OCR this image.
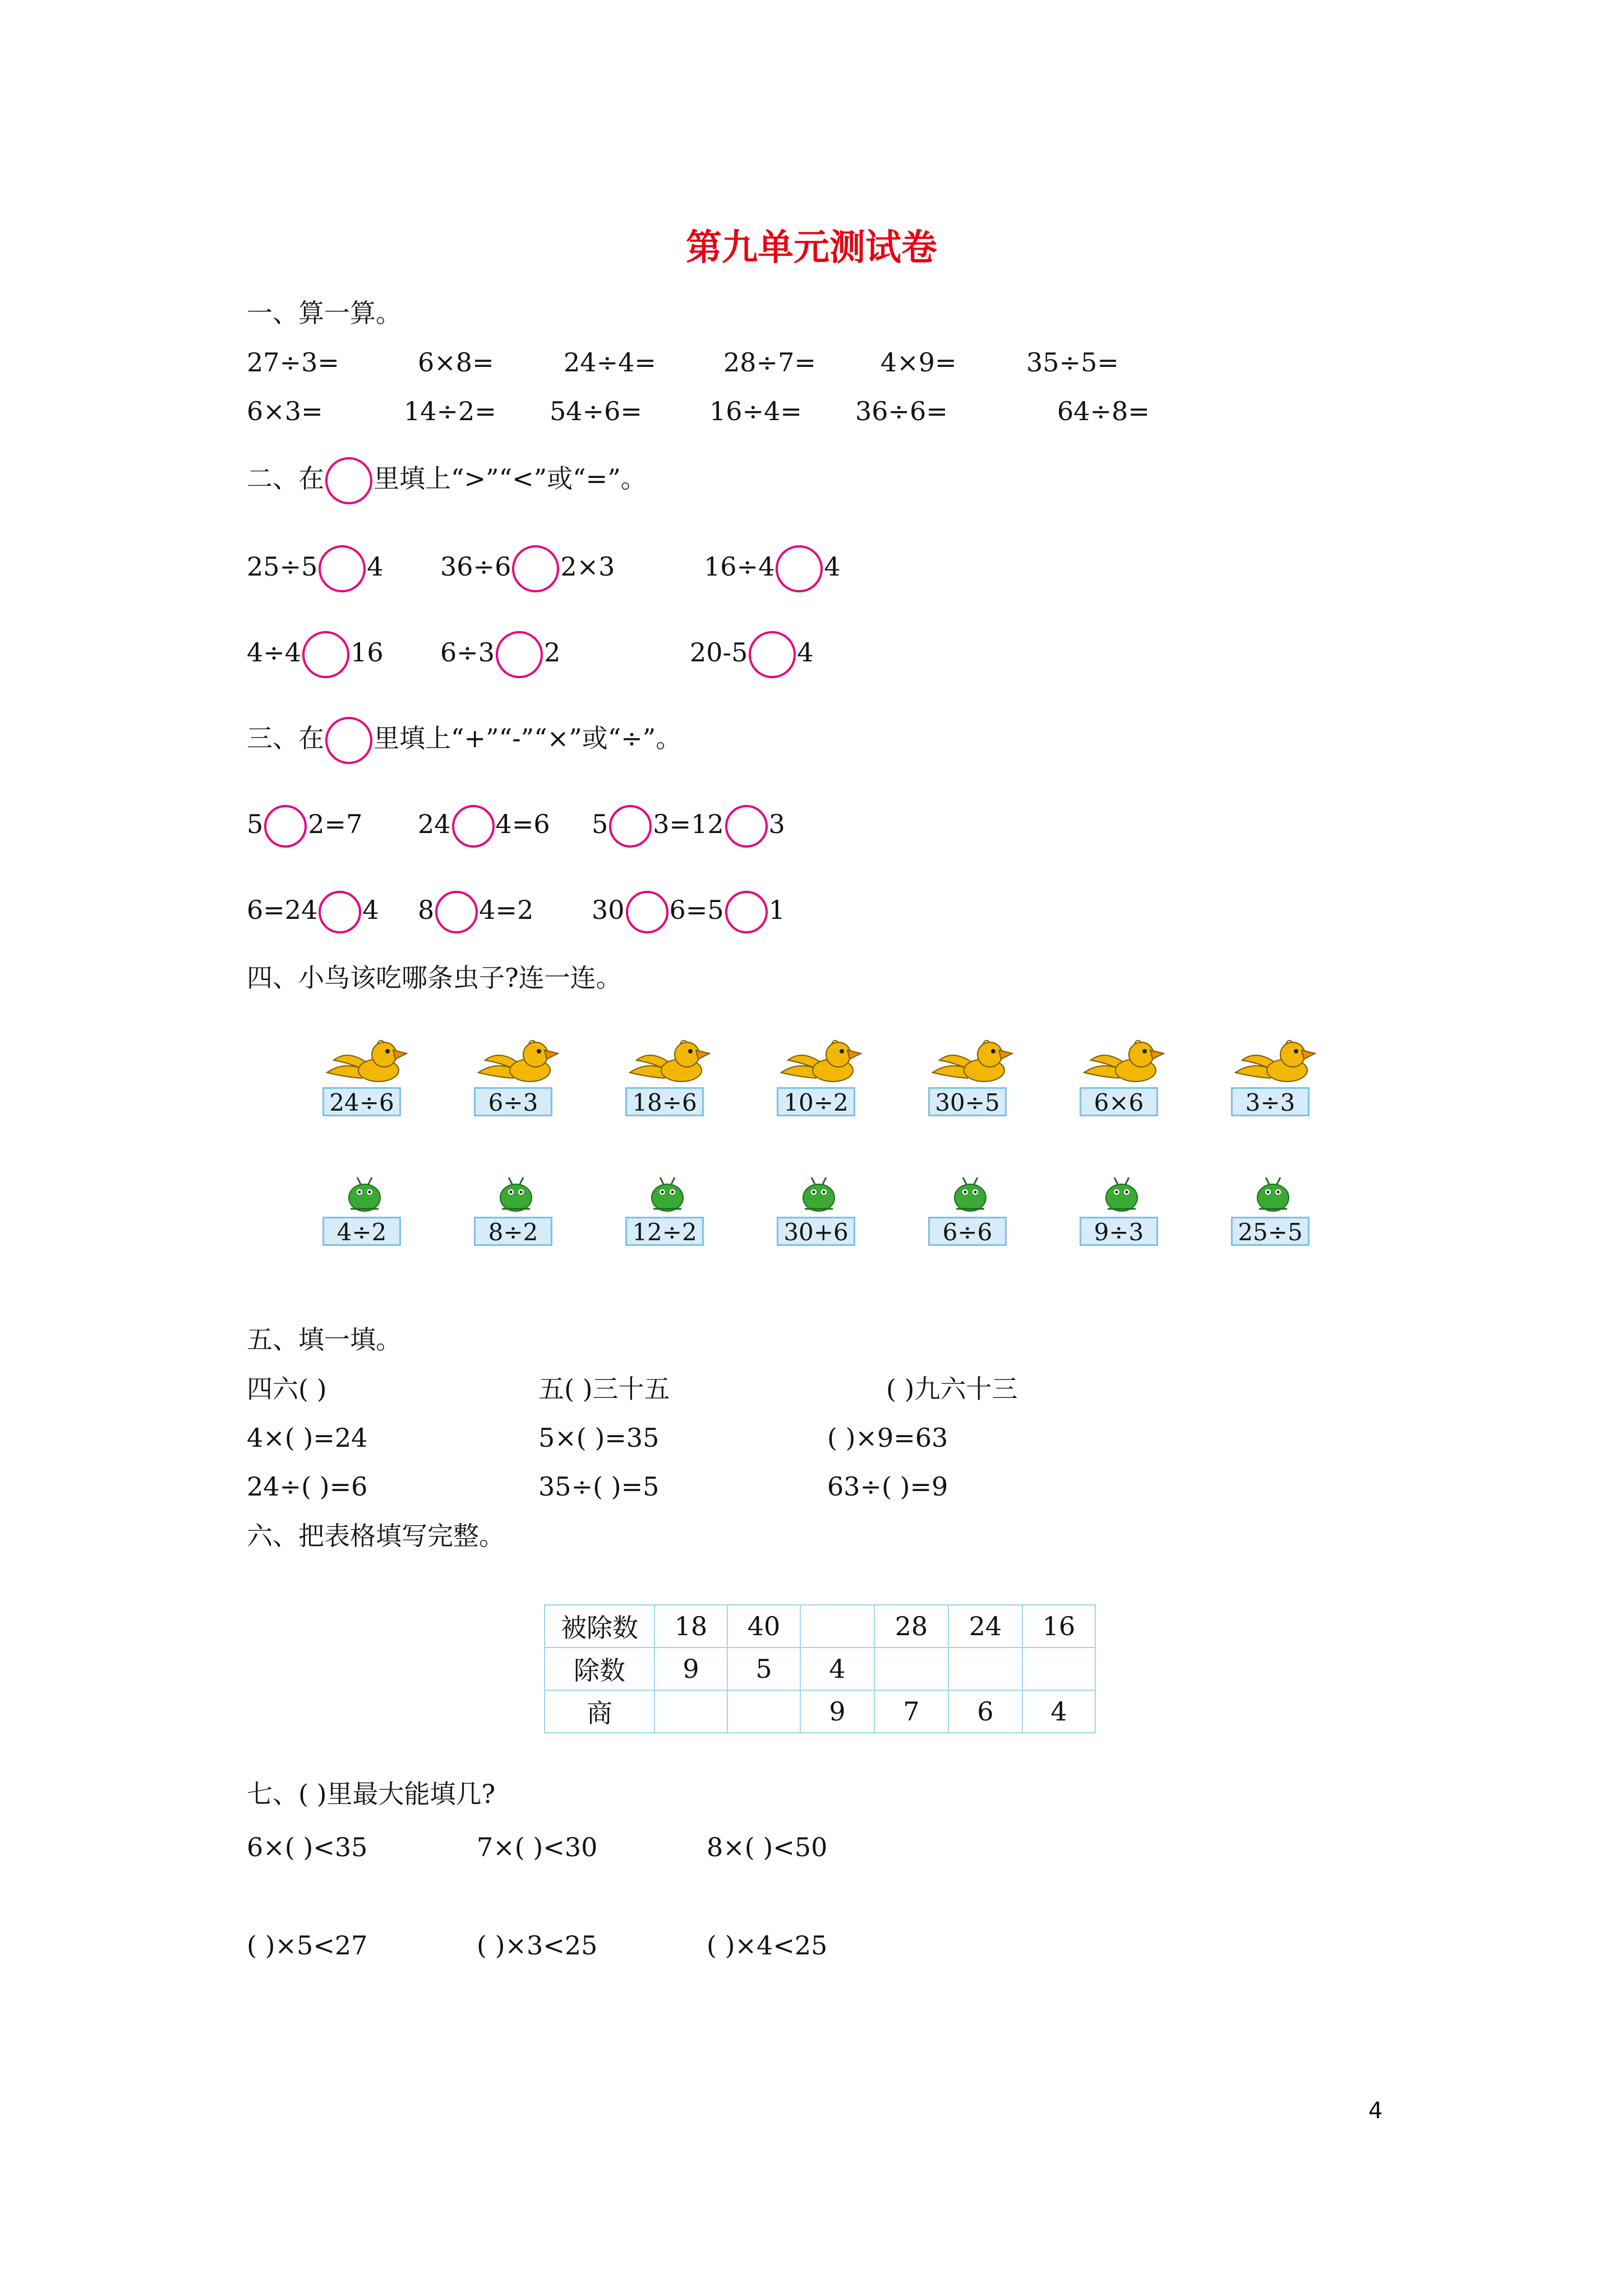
第九单元测试卷
一、算一算。
27÷3=	6×8=	24÷4=	28÷7=	4×9=	35÷5=
6×3=	14÷2= 54÷6=	16÷4= 36÷6=	64÷8=
二、在 里填上“>”“<”或“=”。
25÷5 4 36÷6 2×3	16÷4 4
4÷4 16 6÷3 2	20-5 4
三、在 里填上“+”“-”“×”或“÷”。
5 2=7 24 4=6 5 3=12 3
6=24 4 8 4=2 30 6=5 1
四、小鸟该吃哪条虫子?连一连。
24÷6	6÷3	18÷6	10÷2	30÷5	6×6	3÷3
4÷2	8÷2	12÷2	30+6	6÷6	9÷3	25÷5
五、填一填。
四六( )	五( )三十五	( )九六十三
4×( )=24	5×( )=35	( )×9=63
24÷( )=6	35÷( )=5	63÷( )=9
六、把表格填写完整。
被除数	18	40		28	24	16
除数	9	5	4			
商			9	7	6	4
七、( )里最大能填几?
6×( )<35	7×( )<30	8×( )<50
( )×5<27	( )×3<25	( )×4<25
4
